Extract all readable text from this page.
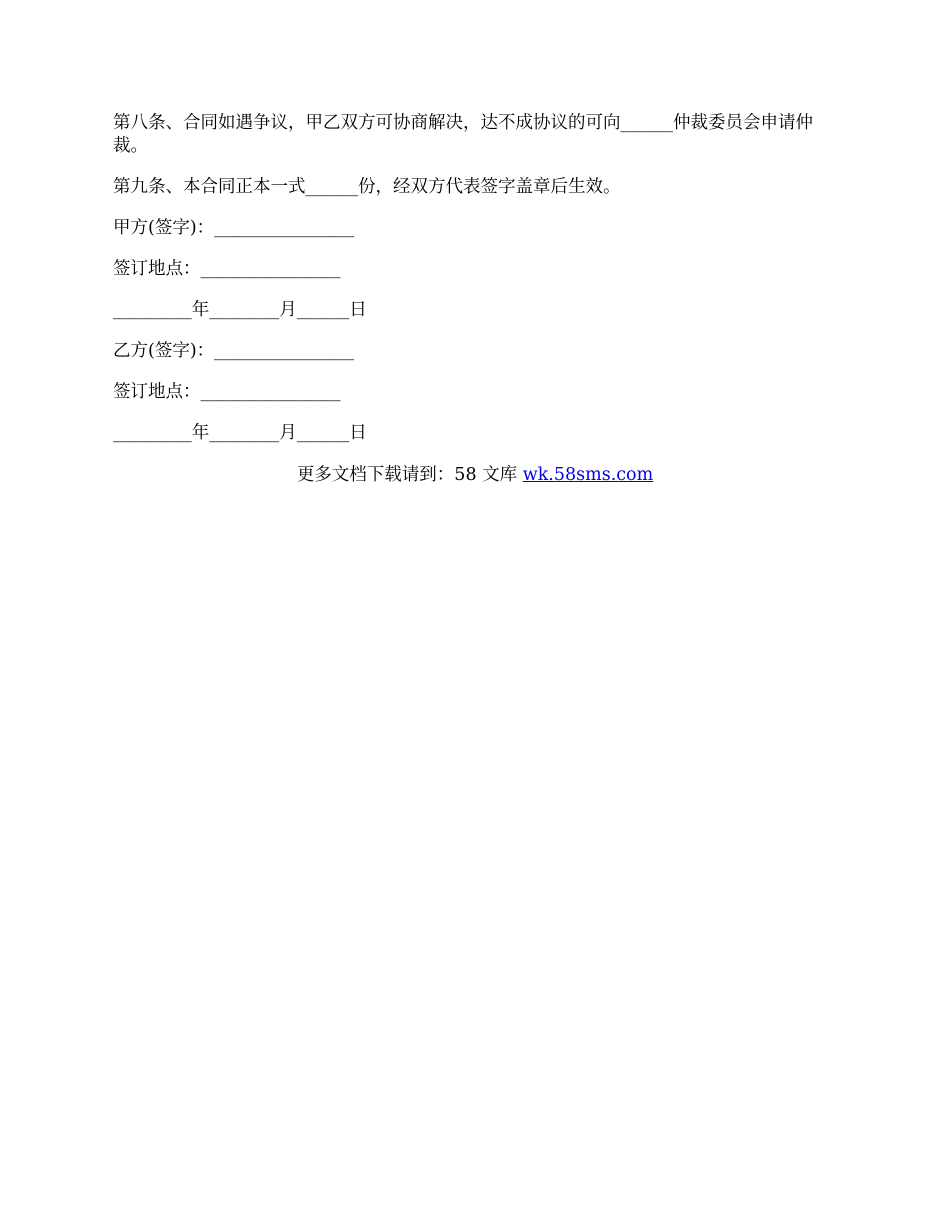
第八条、合同如遇争议，甲乙双方可协商解决，达不成协议的可向______仲裁委员会申请仲裁。

第九条、本合同正本一式______份，经双方代表签字盖章后生效。

甲方(签字)：________________
签订地点：________________
_________年________月______日
乙方(签字)：________________
签订地点：________________
_________年________月______日
更多文档下载请到：58 文库 wk.58sms.com
